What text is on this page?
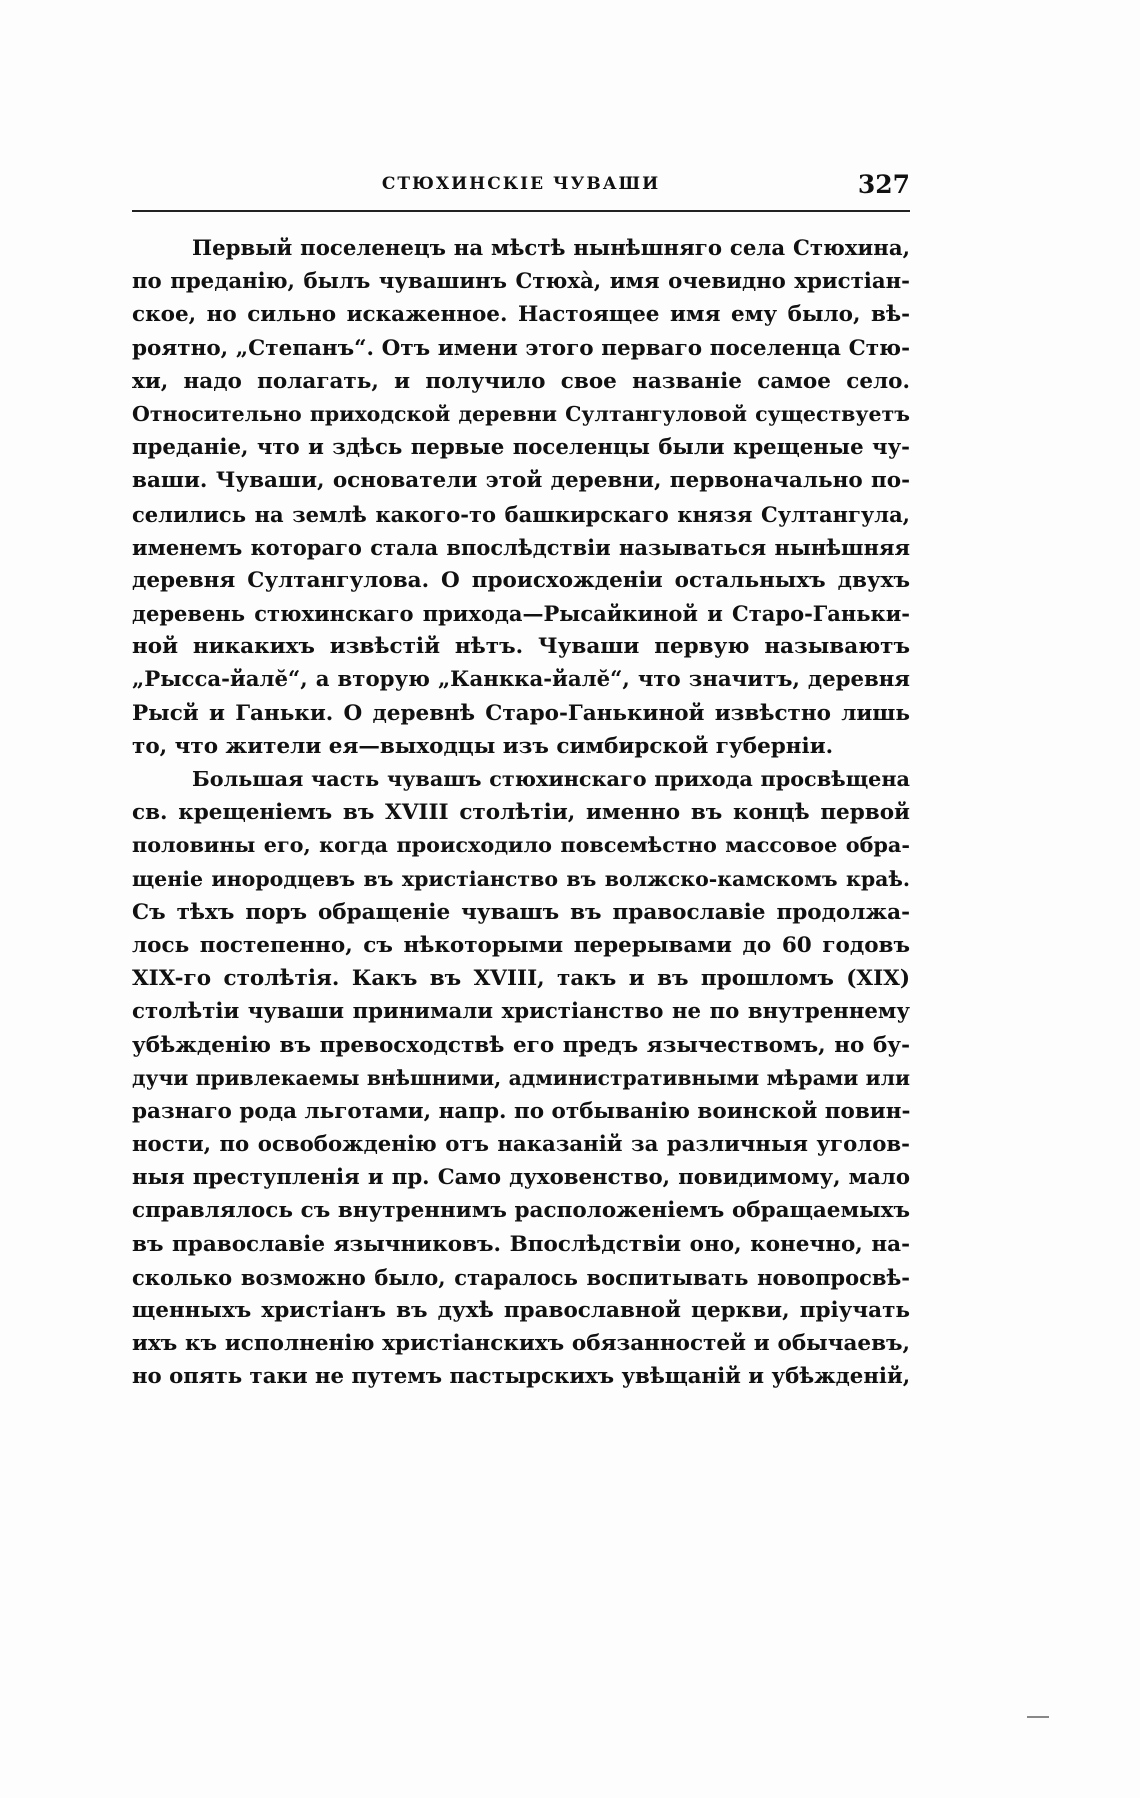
СТЮХИНСКІЕ ЧУВАШИ	327
Первый поселенецъ на мѣстѣ нынѣшняго села Стюхина,
по преданію, былъ чувашинъ Стюхà, имя очевидно христіан-
ское, но сильно искаженное. Настоящее имя ему было, вѣ-
роятно, „Степанъ“. Отъ имени этого перваго поселенца Стю-
хи, надо полагать, и получило свое названіе самое село.
Относительно приходской деревни Султангуловой существуетъ
преданіе, что и здѣсь первые поселенцы были крещеные чу-
ваши. Чуваши, основатели этой деревни, первоначально по-
селились на землѣ какого-то башкирскаго князя Султангула,
именемъ котораго стала впослѣдствіи называться нынѣшняя
деревня Султангулова. О происхожденіи остальныхъ двухъ
деревень стюхинскаго прихода—Рысайкиной и Старо-Ганьки-
ной никакихъ извѣстій нѣтъ. Чуваши первую называютъ
„Рысса-йалĕ“, а вторую „Канкка-йалĕ“, что значитъ, деревня
Рысй и Ганьки. О деревнѣ Старо-Ганькиной извѣстно лишь
то, что жители ея—выходцы изъ симбирской губерніи.
Большая часть чувашъ стюхинскаго прихода просвѣщена
св. крещеніемъ въ XVIII столѣтіи, именно въ концѣ первой
половины его, когда происходило повсемѣстно массовое обра-
щеніе инородцевъ въ христіанство въ волжско-камскомъ краѣ.
Съ тѣхъ поръ обращеніе чувашъ въ православіе продолжа-
лось постепенно, съ нѣкоторыми перерывами до 60 годовъ
XIX-го столѣтія. Какъ въ XVIII, такъ и въ прошломъ (XIX)
столѣтіи чуваши принимали христіанство не по внутреннему
убѣжденію въ превосходствѣ его предъ язычествомъ, но бу-
дучи привлекаемы внѣшними, административными мѣрами или
разнаго рода льготами, напр. по отбыванію воинской повин-
ности, по освобожденію отъ наказаній за различныя уголов-
ныя преступленія и пр. Само духовенство, повидимому, мало
справлялось съ внутреннимъ расположеніемъ обращаемыхъ
въ православіе язычниковъ. Впослѣдствіи оно, конечно, на-
сколько возможно было, старалось воспитывать новопросвѣ-
щенныхъ христіанъ въ духѣ православной церкви, пріучать
ихъ къ исполненію христіанскихъ обязанностей и обычаевъ,
но опять таки не путемъ пастырскихъ увѣщаній и убѣжденій,
